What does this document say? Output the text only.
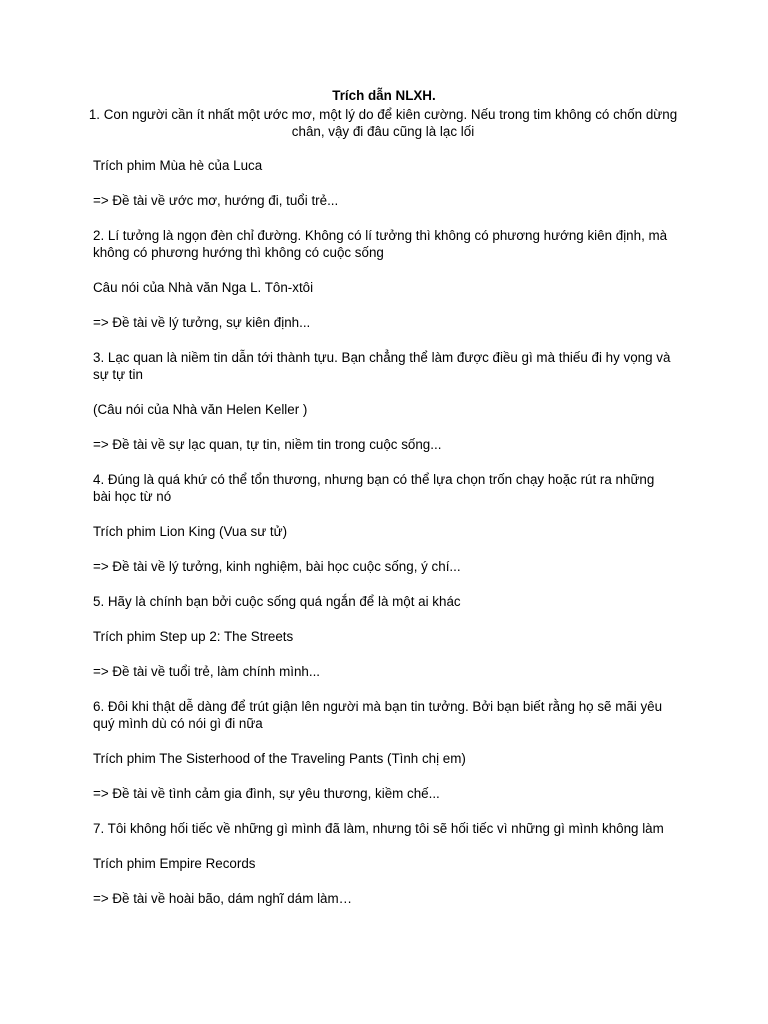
Trích dẫn NLXH.
1. Con người cần ít nhất một ước mơ, một lý do để kiên cường. Nếu trong tim không có chốn dừng chân, vậy đi đâu cũng là lạc lối
Trích phim Mùa hè của Luca
=> Đề tài về ước mơ, hướng đi, tuổi trẻ...
2. Lí tưởng là ngọn đèn chỉ đường. Không có lí tưởng thì không có phương hướng kiên định, mà không có phương hướng thì không có cuộc sống
Câu nói của Nhà văn Nga L. Tôn-xtôi
=> Đề tài về lý tưởng, sự kiên định...
3. Lạc quan là niềm tin dẫn tới thành tựu. Bạn chẳng thể làm được điều gì mà thiếu đi hy vọng và sự tự tin
(Câu nói của Nhà văn Helen Keller )
=> Đề tài về sự lạc quan, tự tin, niềm tin trong cuộc sống...
4. Đúng là quá khứ có thể tổn thương, nhưng bạn có thể lựa chọn trốn chạy hoặc rút ra những bài học từ nó
Trích phim Lion King (Vua sư tử)
=> Đề tài về lý tưởng, kinh nghiệm, bài học cuộc sống, ý chí...
5. Hãy là chính bạn bởi cuộc sống quá ngắn để là một ai khác
Trích phim Step up 2: The Streets
=> Đề tài về tuổi trẻ, làm chính mình...
6. Đôi khi thật dễ dàng để trút giận lên người mà bạn tin tưởng. Bởi bạn biết rằng họ sẽ mãi yêu quý mình dù có nói gì đi nữa
Trích phim The Sisterhood of the Traveling Pants (Tình chị em)
=> Đề tài về tình cảm gia đình, sự yêu thương, kiềm chế...
7. Tôi không hối tiếc về những gì mình đã làm, nhưng tôi sẽ hối tiếc vì những gì mình không làm
Trích phim Empire Records
=> Đề tài về hoài bão, dám nghĩ dám làm…
